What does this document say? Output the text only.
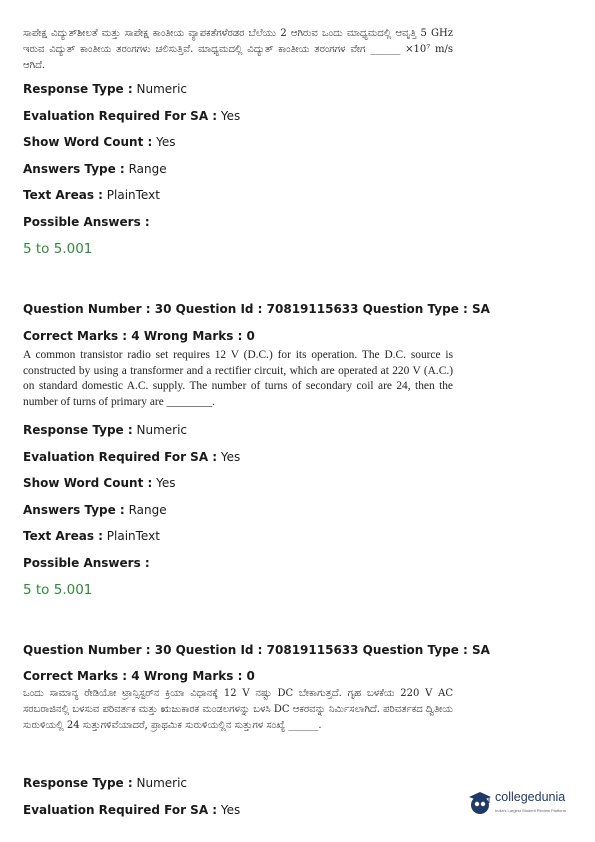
ಸಾಪೇಕ್ಷ ವಿದ್ಯುತ್‌ಶೀಲತೆ ಮತ್ತು ಸಾಪೇಕ್ಷ ಕಾಂತೀಯ ವ್ಯಾಪಕತೆಗಳೆರಡರ ಬೆಲೆಯು 2 ಆಗಿರುವ ಒಂದು ಮಾಧ್ಯಮದಲ್ಲಿ ಆವೃತ್ತಿ 5 GHz ಇರುವ ವಿದ್ಯುತ್ ಕಾಂತೀಯ ತರಂಗಗಳು ಚಲಿಸುತ್ತಿವೆ. ಮಾಧ್ಯಮದಲ್ಲಿ ವಿದ್ಯುತ್ ಕಾಂತೀಯ ತರಂಗಗಳ ವೇಗ ______ ×10⁷ m/s ಆಗಿದೆ.

Response Type : Numeric

Evaluation Required For SA : Yes

Show Word Count : Yes

Answers Type : Range

Text Areas : PlainText

Possible Answers :

5 to 5.001

Question Number : 30 Question Id : 70819115633 Question Type : SA

Correct Marks : 4 Wrong Marks : 0

A common transistor radio set requires 12 V (D.C.) for its operation. The D.C. source is constructed by using a transformer and a rectifier circuit, which are operated at 220 V (A.C.) on standard domestic A.C. supply. The number of turns of secondary coil are 24, then the number of turns of primary are ________.

Response Type : Numeric

Evaluation Required For SA : Yes

Show Word Count : Yes

Answers Type : Range

Text Areas : PlainText

Possible Answers :

5 to 5.001

Question Number : 30 Question Id : 70819115633 Question Type : SA

Correct Marks : 4 Wrong Marks : 0

ಒಂದು ಸಾಮಾನ್ಯ ರೇಡಿಯೋ ಟ್ರಾನ್ಸಿಸ್ಟರ್‌ನ ಕ್ರಿಯಾ ವಿಧಾನಕ್ಕೆ 12 V ನಷ್ಟು DC ಬೇಕಾಗುತ್ತದೆ. ಗೃಹ ಬಳಕೆಯ 220 V AC ಸರಬರಾಜಿನಲ್ಲಿ ಬಳಸುವ ಪರಿವರ್ತಕ ಮತ್ತು ಋಜುಕಾರಕ ಮಂಡಲಗಳನ್ನು ಬಳಸಿ DC ಆಕರವನ್ನು ನಿರ್ಮಿಸಲಾಗಿದೆ. ಪರಿವರ್ತಕದ ದ್ವಿತೀಯ ಸುರುಳಿಯಲ್ಲಿ 24 ಸುತ್ತುಗಳಿವೆಯಾದರೆ, ಪ್ರಾಥಮಿಕ ಸುರುಳಿಯಲ್ಲಿನ ಸುತ್ತುಗಳ ಸಂಖ್ಯೆ ______.

Response Type : Numeric

Evaluation Required For SA : Yes

collegedunia
India's Largest Student Review Platform
